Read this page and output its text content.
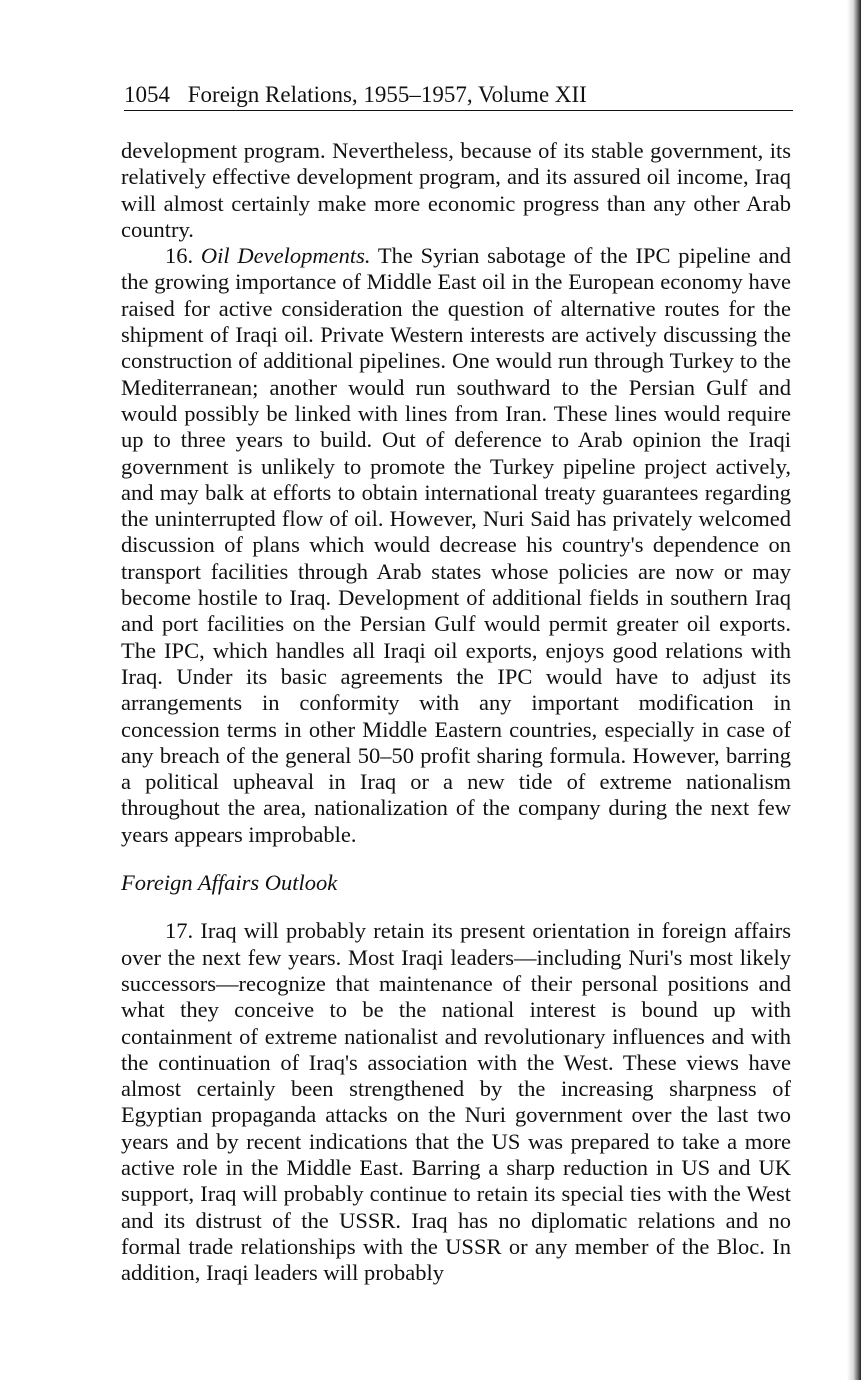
1054 Foreign Relations, 1955–1957, Volume XII

development program. Nevertheless, because of its stable government, its relatively effective development program, and its assured oil income, Iraq will almost certainly make more economic progress than any other Arab country.

16. Oil Developments. The Syrian sabotage of the IPC pipeline and the growing importance of Middle East oil in the European economy have raised for active consideration the question of alternative routes for the shipment of Iraqi oil. Private Western interests are actively discussing the construction of additional pipelines. One would run through Turkey to the Mediterranean; another would run southward to the Persian Gulf and would possibly be linked with lines from Iran. These lines would require up to three years to build. Out of deference to Arab opinion the Iraqi government is unlikely to promote the Turkey pipeline project actively, and may balk at efforts to obtain international treaty guarantees regarding the uninterrupted flow of oil. However, Nuri Said has privately welcomed discussion of plans which would decrease his country's dependence on transport facilities through Arab states whose policies are now or may become hostile to Iraq. Development of additional fields in southern Iraq and port facilities on the Persian Gulf would permit greater oil exports. The IPC, which handles all Iraqi oil exports, enjoys good relations with Iraq. Under its basic agreements the IPC would have to adjust its arrangements in conformity with any important modification in concession terms in other Middle Eastern countries, especially in case of any breach of the general 50–50 profit sharing formula. However, barring a political upheaval in Iraq or a new tide of extreme nationalism throughout the area, nationalization of the company during the next few years appears improbable.

Foreign Affairs Outlook

17. Iraq will probably retain its present orientation in foreign affairs over the next few years. Most Iraqi leaders—including Nuri's most likely successors—recognize that maintenance of their personal positions and what they conceive to be the national interest is bound up with containment of extreme nationalist and revolutionary influences and with the continuation of Iraq's association with the West. These views have almost certainly been strengthened by the increasing sharpness of Egyptian propaganda attacks on the Nuri government over the last two years and by recent indications that the US was prepared to take a more active role in the Middle East. Barring a sharp reduction in US and UK support, Iraq will probably continue to retain its special ties with the West and its distrust of the USSR. Iraq has no diplomatic relations and no formal trade relationships with the USSR or any member of the Bloc. In addition, Iraqi leaders will probably
